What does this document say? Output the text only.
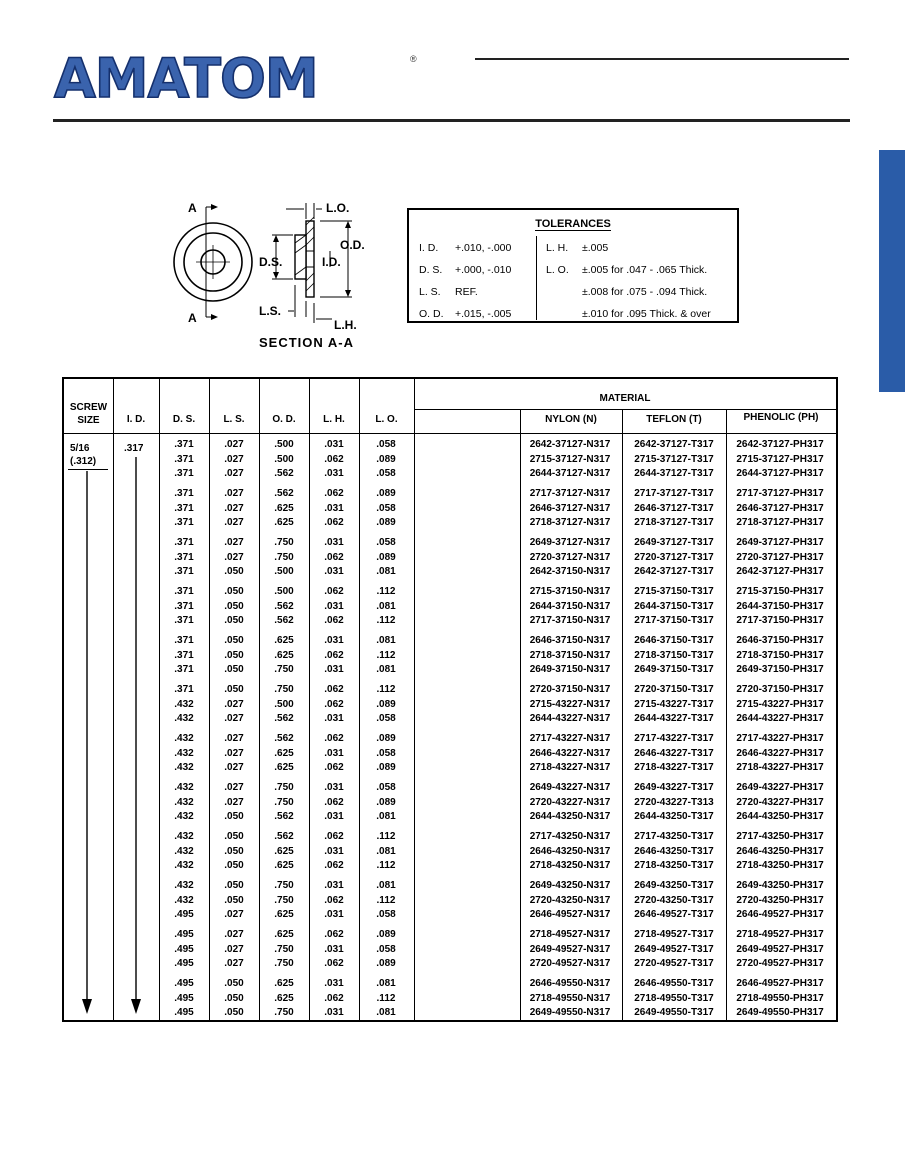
AMATOM	®
A
A
L.O.
O.D.
D.S.	I.D.
L.S.
L.H.
SECTION A-A
TOLERANCES
I. D. +.010, -.000
D. S. +.000, -.010
L. S. REF.
O. D. +.015, -.005
L. H. ±.005
L. O. ±.005 for .047 - .065 Thick.
±.008 for .075 - .094 Thick.
±.010 for .095 Thick. & over
SCREW
SIZE	I. D.	D. S.	L. S.	O. D.	L. H.	L. O.
MATERIAL
NYLON (N)	TEFLON (T)	PHENOLIC (PH)
5/16
(.312)
.317	.371	.027	.500	.031	.058	2642-37127-N317	2642-37127-T317	2642-37127-PH317
.371	.027	.500	.062	.089	2715-37127-N317	2715-37127-T317	2715-37127-PH317
.371	.027	.562	.031	.058	2644-37127-N317	2644-37127-T317	2644-37127-PH317
.371	.027	.562	.062	.089	2717-37127-N317	2717-37127-T317	2717-37127-PH317
.371	.027	.625	.031	.058	2646-37127-N317	2646-37127-T317	2646-37127-PH317
.371	.027	.625	.062	.089	2718-37127-N317	2718-37127-T317	2718-37127-PH317
.371	.027	.750	.031	.058	2649-37127-N317	2649-37127-T317	2649-37127-PH317
.371	.027	.750	.062	.089	2720-37127-N317	2720-37127-T317	2720-37127-PH317
.371	.050	.500	.031	.081	2642-37150-N317	2642-37127-T317	2642-37127-PH317
.371	.050	.500	.062	.112	2715-37150-N317	2715-37150-T317	2715-37150-PH317
.371	.050	.562	.031	.081	2644-37150-N317	2644-37150-T317	2644-37150-PH317
.371	.050	.562	.062	.112	2717-37150-N317	2717-37150-T317	2717-37150-PH317
.371	.050	.625	.031	.081	2646-37150-N317	2646-37150-T317	2646-37150-PH317
.371	.050	.625	.062	.112	2718-37150-N317	2718-37150-T317	2718-37150-PH317
.371	.050	.750	.031	.081	2649-37150-N317	2649-37150-T317	2649-37150-PH317
.371	.050	.750	.062	.112	2720-37150-N317	2720-37150-T317	2720-37150-PH317
.432	.027	.500	.062	.089	2715-43227-N317	2715-43227-T317	2715-43227-PH317
.432	.027	.562	.031	.058	2644-43227-N317	2644-43227-T317	2644-43227-PH317
.432	.027	.562	.062	.089	2717-43227-N317	2717-43227-T317	2717-43227-PH317
.432	.027	.625	.031	.058	2646-43227-N317	2646-43227-T317	2646-43227-PH317
.432	.027	.625	.062	.089	2718-43227-N317	2718-43227-T317	2718-43227-PH317
.432	.027	.750	.031	.058	2649-43227-N317	2649-43227-T317	2649-43227-PH317
.432	.027	.750	.062	.089	2720-43227-N317	2720-43227-T313	2720-43227-PH317
.432	.050	.562	.031	.081	2644-43250-N317	2644-43250-T317	2644-43250-PH317
.432	.050	.562	.062	.112	2717-43250-N317	2717-43250-T317	2717-43250-PH317
.432	.050	.625	.031	.081	2646-43250-N317	2646-43250-T317	2646-43250-PH317
.432	.050	.625	.062	.112	2718-43250-N317	2718-43250-T317	2718-43250-PH317
.432	.050	.750	.031	.081	2649-43250-N317	2649-43250-T317	2649-43250-PH317
.432	.050	.750	.062	.112	2720-43250-N317	2720-43250-T317	2720-43250-PH317
.495	.027	.625	.031	.058	2646-49527-N317	2646-49527-T317	2646-49527-PH317
.495	.027	.625	.062	.089	2718-49527-N317	2718-49527-T317	2718-49527-PH317
.495	.027	.750	.031	.058	2649-49527-N317	2649-49527-T317	2649-49527-PH317
.495	.027	.750	.062	.089	2720-49527-N317	2720-49527-T317	2720-49527-PH317
.495	.050	.625	.031	.081	2646-49550-N317	2646-49550-T317	2646-49527-PH317
.495	.050	.625	.062	.112	2718-49550-N317	2718-49550-T317	2718-49550-PH317
.495	.050	.750	.031	.081	2649-49550-N317	2649-49550-T317	2649-49550-PH317
